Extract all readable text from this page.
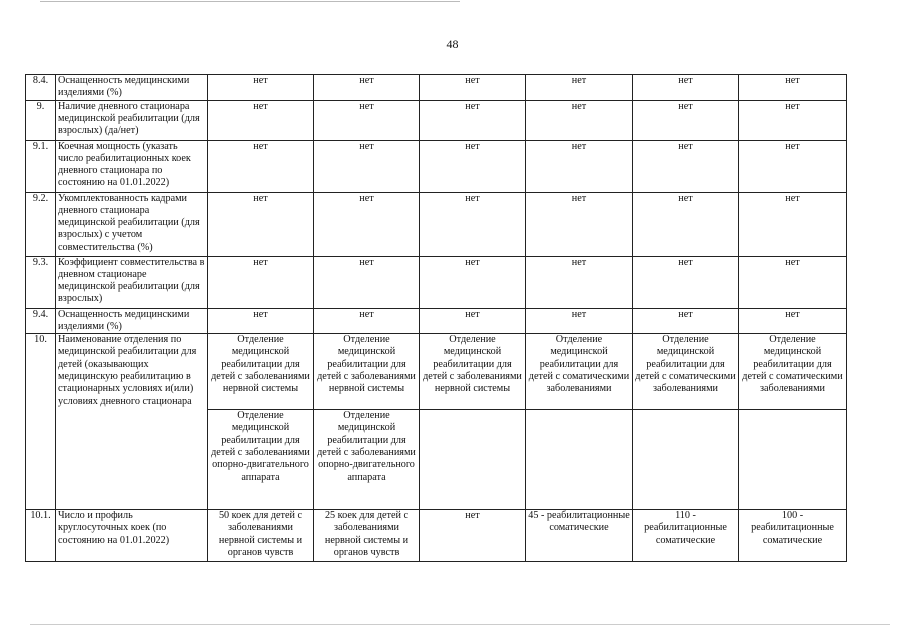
48
8.4.	Оснащенность медицинскими изделиями (%)	нет	нет	нет	нет	нет	нет
9.	Наличие дневного стационара медицинской реабилитации (для взрослых) (да/нет)	нет	нет	нет	нет	нет	нет
9.1.	Коечная мощность (указать число реабилитационных коек дневного стационара по состоянию на 01.01.2022)	нет	нет	нет	нет	нет	нет
9.2.	Укомплектованность кадрами дневного стационара медицинской реабилитации (для взрослых) с учетом совместительства (%)	нет	нет	нет	нет	нет	нет
9.3.	Коэффициент совместительства в дневном стационаре медицинской реабилитации (для взрослых)	нет	нет	нет	нет	нет	нет
9.4.	Оснащенность медицинскими изделиями (%)	нет	нет	нет	нет	нет	нет
10.	Наименование отделения по медицинской реабилитации для детей (оказывающих медицинскую реабилитацию в стационарных условиях и(или) условиях дневного стационара	Отделение медицинской реабилитации для детей с заболеваниями нервной системы	Отделение медицинской реабилитации для детей с заболеваниями нервной системы	Отделение медицинской реабилитации для детей с заболеваниями нервной системы	Отделение медицинской реабилитации для детей с соматическими заболеваниями	Отделение медицинской реабилитации для детей с соматическими заболеваниями	Отделение медицинской реабилитации для детей с соматическими заболеваниями
		Отделение медицинской реабилитации для детей с заболеваниями опорно-двигательного аппарата	Отделение медицинской реабилитации для детей с заболеваниями опорно-двигательного аппарата				
10.1.	Число и профиль круглосуточных коек (по состоянию на 01.01.2022)	50 коек для детей с заболеваниями нервной системы и органов чувств	25 коек для детей с заболеваниями нервной системы и органов чувств	нет	45 - реабилитационные соматические	110 - реабилитационные соматические	100 - реабилитационные соматические
